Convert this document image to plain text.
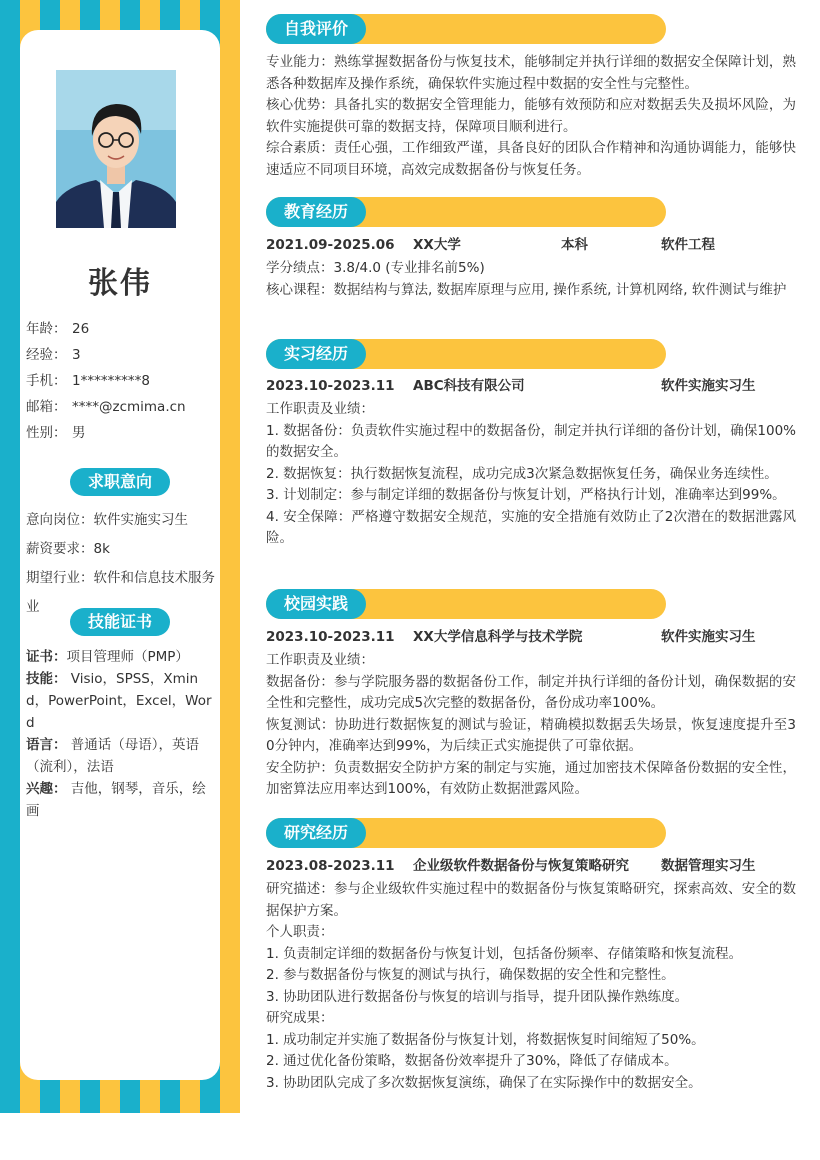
张伟
年龄： 26
经验： 3
手机： 1*********8
邮箱： ****@zcmima.cn
性别： 男
求职意向
意向岗位：软件实施实习生
薪资要求：8k
期望行业：软件和信息技术服务业
技能证书

证书：项目管理师（PMP）

技能： Visio，SPSS，Xmind，PowerPoint，Excel，Word

语言： 普通话（母语），英语（流利），法语

兴趣： 吉他，钢琴，音乐，绘画

自我评价

专业能力：熟练掌握数据备份与恢复技术，能够制定并执行详细的数据安全保障计划，熟悉各种数据库及操作系统，确保软件实施过程中数据的安全性与完整性。

核心优势：具备扎实的数据安全管理能力，能够有效预防和应对数据丢失及损坏风险，为软件实施提供可靠的数据支持，保障项目顺利进行。

综合素质：责任心强，工作细致严谨，具备良好的团队合作精神和沟通协调能力，能够快速适应不同项目环境，高效完成数据备份与恢复任务。

教育经历
2021.09-2025.06	XX大学	本科	软件工程

学分绩点：3.8/4.0 (专业排名前5%)

核心课程：数据结构与算法, 数据库原理与应用, 操作系统, 计算机网络, 软件测试与维护

实习经历
2023.10-2023.11	ABC科技有限公司	软件实施实习生

工作职责及业绩：

1. 数据备份：负责软件实施过程中的数据备份，制定并执行详细的备份计划，确保100%的数据安全。

2. 数据恢复：执行数据恢复流程，成功完成3次紧急数据恢复任务，确保业务连续性。

3. 计划制定：参与制定详细的数据备份与恢复计划，严格执行计划，准确率达到99%。

4. 安全保障：严格遵守数据安全规范，实施的安全措施有效防止了2次潜在的数据泄露风险。

校园实践
2023.10-2023.11	XX大学信息科学与技术学院	软件实施实习生

工作职责及业绩：

数据备份：参与学院服务器的数据备份工作，制定并执行详细的备份计划，确保数据的安全性和完整性，成功完成5次完整的数据备份，备份成功率100%。

恢复测试：协助进行数据恢复的测试与验证，精确模拟数据丢失场景，恢复速度提升至30分钟内，准确率达到99%，为后续正式实施提供了可靠依据。

安全防护：负责数据安全防护方案的制定与实施，通过加密技术保障备份数据的安全性，加密算法应用率达到100%，有效防止数据泄露风险。

研究经历
2023.08-2023.11	企业级软件数据备份与恢复策略研究	数据管理实习生

研究描述：参与企业级软件实施过程中的数据备份与恢复策略研究，探索高效、安全的数据保护方案。

个人职责：

1. 负责制定详细的数据备份与恢复计划，包括备份频率、存储策略和恢复流程。

2. 参与数据备份与恢复的测试与执行，确保数据的安全性和完整性。

3. 协助团队进行数据备份与恢复的培训与指导，提升团队操作熟练度。

研究成果：

1. 成功制定并实施了数据备份与恢复计划，将数据恢复时间缩短了50%。

2. 通过优化备份策略，数据备份效率提升了30%，降低了存储成本。

3. 协助团队完成了多次数据恢复演练，确保了在实际操作中的数据安全。
